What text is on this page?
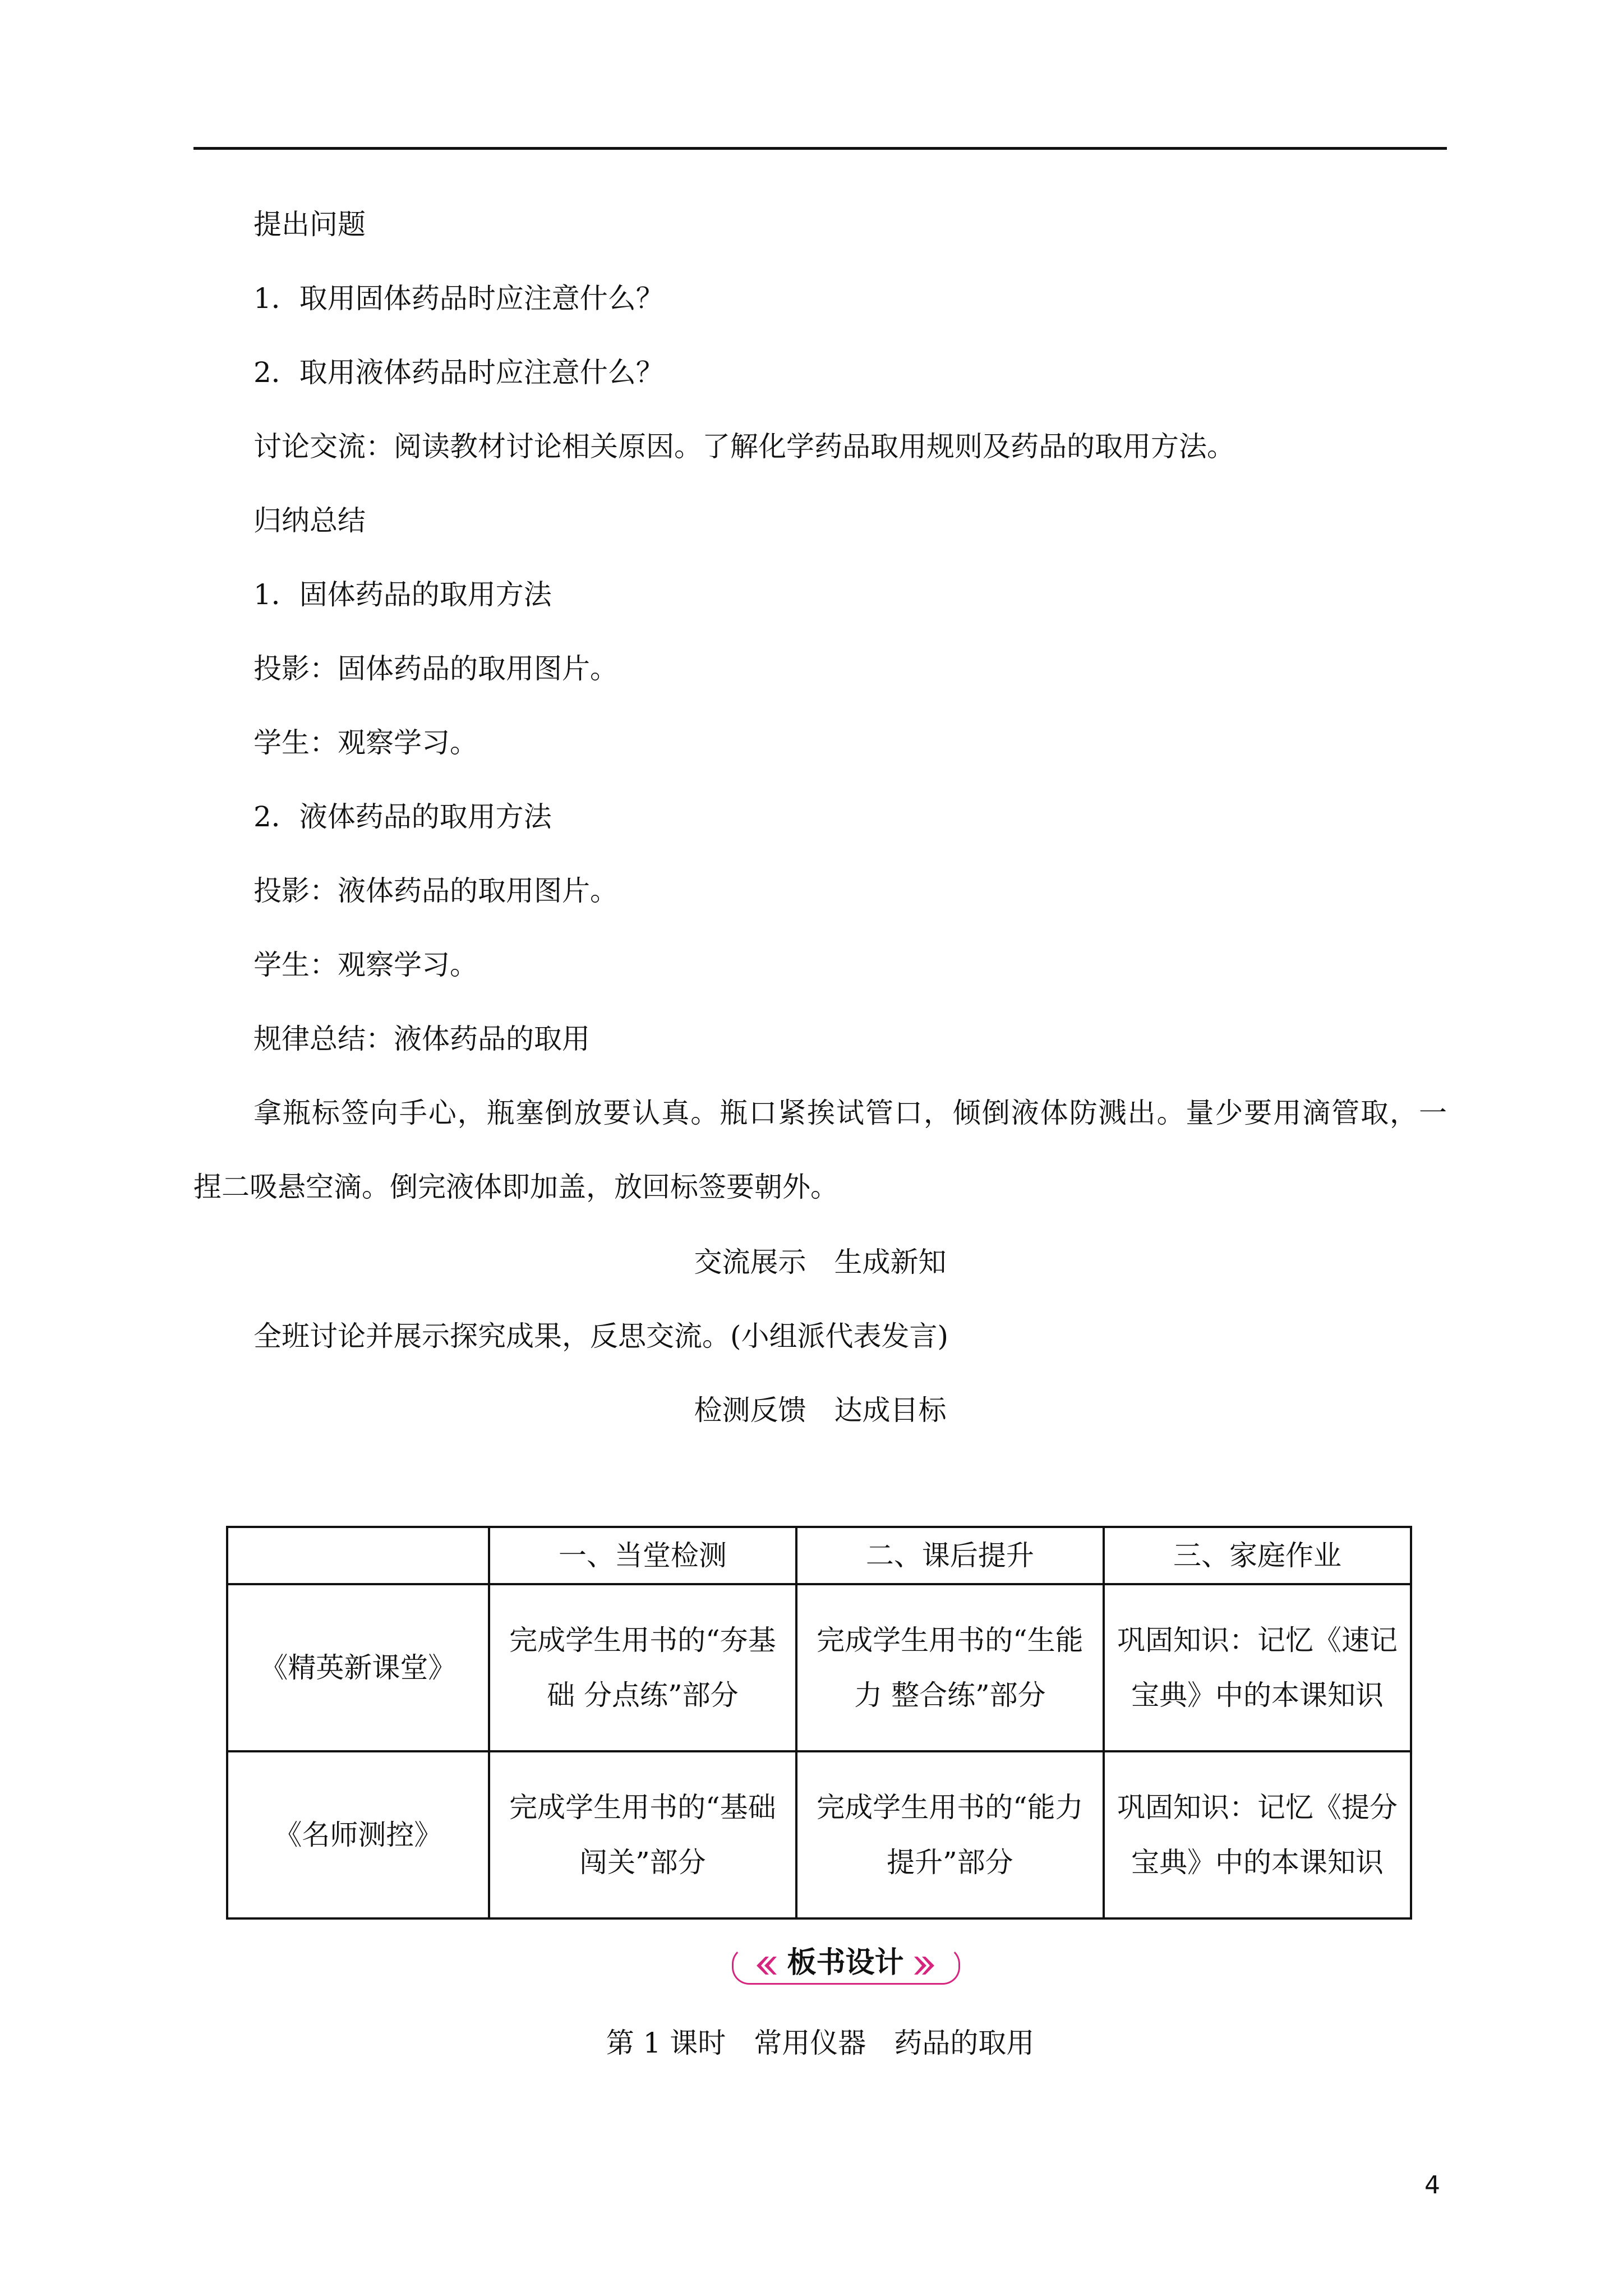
提出问题
1．取用固体药品时应注意什么？
2．取用液体药品时应注意什么？
讨论交流：阅读教材讨论相关原因。了解化学药品取用规则及药品的取用方法。
归纳总结
1．固体药品的取用方法
投影：固体药品的取用图片。
学生：观察学习。
2．液体药品的取用方法
投影：液体药品的取用图片。
学生：观察学习。
规律总结：液体药品的取用
拿瓶标签向手心，瓶塞倒放要认真。瓶口紧挨试管口，倾倒液体防溅出。量少要用滴管取，一
捏二吸悬空滴。倒完液体即加盖，放回标签要朝外。
交流展示 生成新知
全班讨论并展示探究成果，反思交流。(小组派代表发言)
检测反馈 达成目标
	一、当堂检测	二、课后提升	三、家庭作业
《精英新课堂》	完成学生用书的“夯基础 分点练”部分	完成学生用书的“生能力 整合练”部分	巩固知识：记忆《速记宝典》中的本课知识
《名师测控》	完成学生用书的“基础闯关”部分	完成学生用书的“能力提升”部分	巩固知识：记忆《提分宝典》中的本课知识
板书设计
第 1 课时 常用仪器 药品的取用
4
